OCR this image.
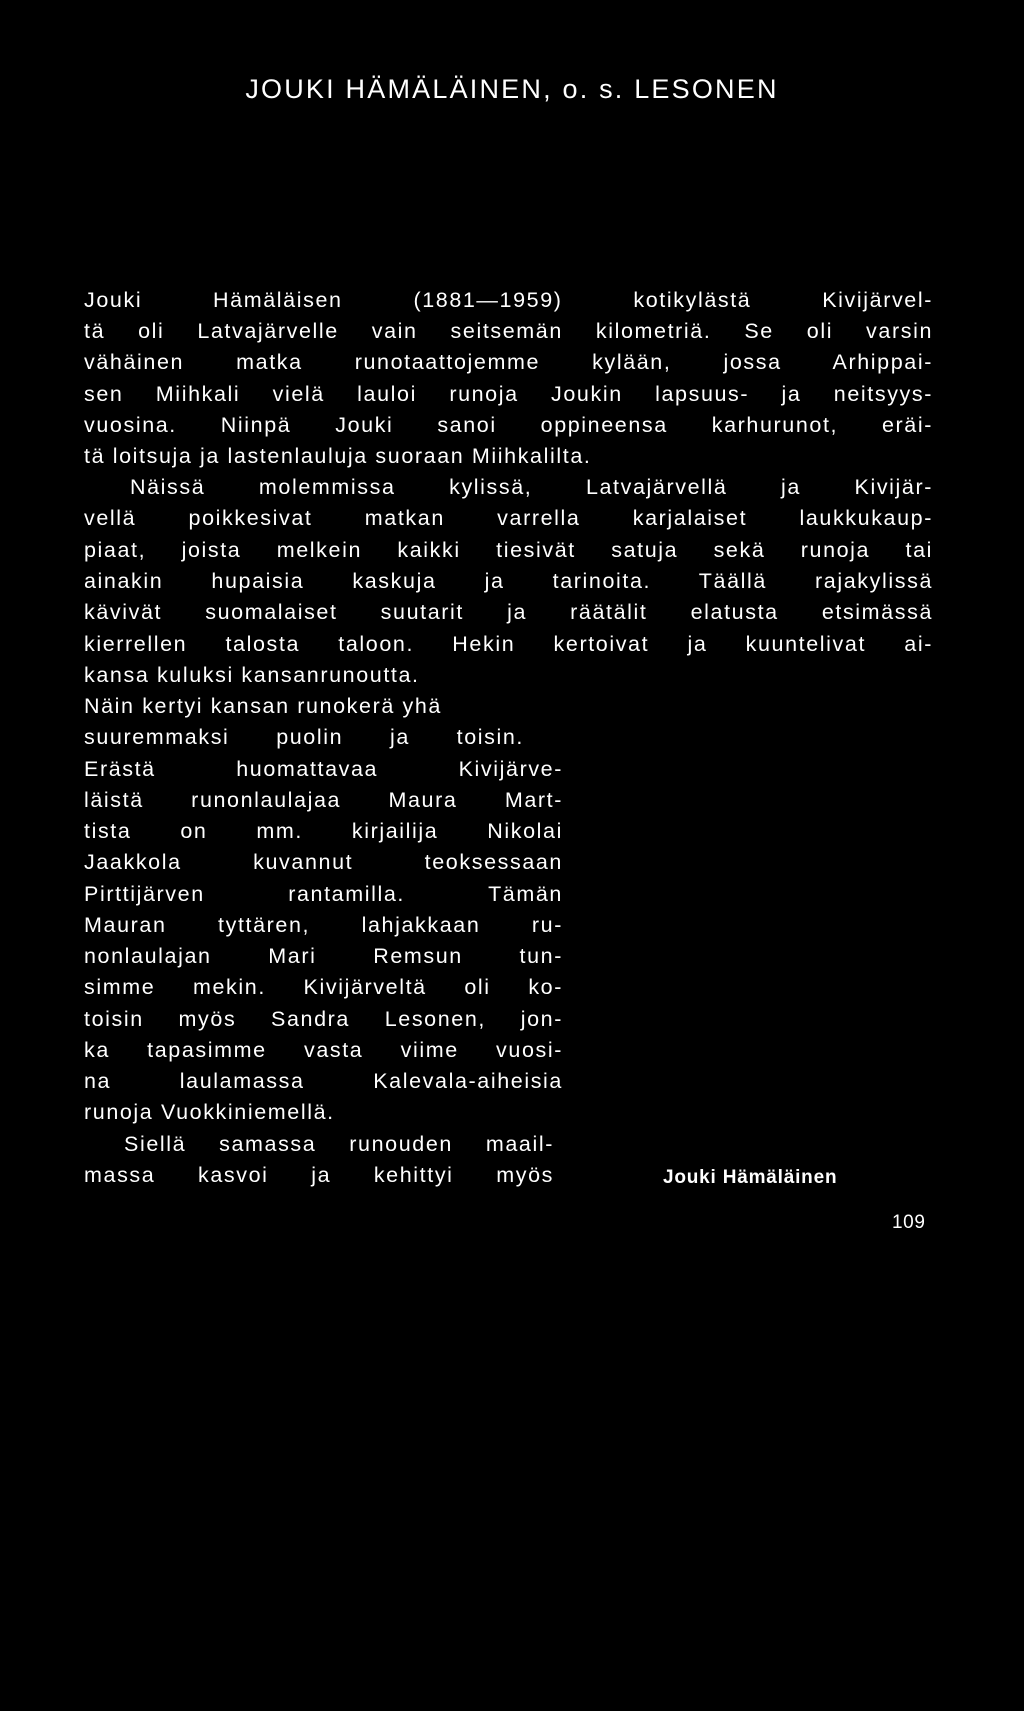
JOUKI HÄMÄLÄINEN, o. s. LESONEN
Jouki Hämäläisen (1881—1959) kotikylästä Kivijärvel-
tä oli Latvajärvelle vain seitsemän kilometriä. Se oli varsin
vähäinen matka runotaattojemme kylään, jossa Arhippai-
sen Miihkali vielä lauloi runoja Joukin lapsuus- ja neitsyys-
vuosina. Niinpä Jouki sanoi oppineensa karhurunot, eräi-
tä loitsuja ja lastenlauluja suoraan Miihkalilta.
Näissä molemmissa kylissä, Latvajärvellä ja Kivijär-
vellä poikkesivat matkan varrella karjalaiset laukkukaup-
piaat, joista melkein kaikki tiesivät satuja sekä runoja tai
ainakin hupaisia kaskuja ja tarinoita. Täällä rajakylissä
kävivät suomalaiset suutarit ja räätälit elatusta etsimässä
kierrellen talosta taloon. Hekin kertoivat ja kuuntelivat ai-
kansa kuluksi kansanrunoutta.
Näin kertyi kansan runokerä yhä
suuremmaksi puolin ja toisin.
Erästä huomattavaa Kivijärve-
läistä runonlaulajaa Maura Mart-
tista on mm. kirjailija Nikolai
Jaakkola kuvannut teoksessaan
Pirttijärven rantamilla. Tämän
Mauran tyttären, lahjakkaan ru-
nonlaulajan Mari Remsun tun-
simme mekin. Kivijärveltä oli ko-
toisin myös Sandra Lesonen, jon-
ka tapasimme vasta viime vuosi-
na laulamassa Kalevala-aiheisia
runoja Vuokkiniemellä.
Siellä samassa runouden maail-
massa kasvoi ja kehittyi myös	Jouki Hämäläinen
109
